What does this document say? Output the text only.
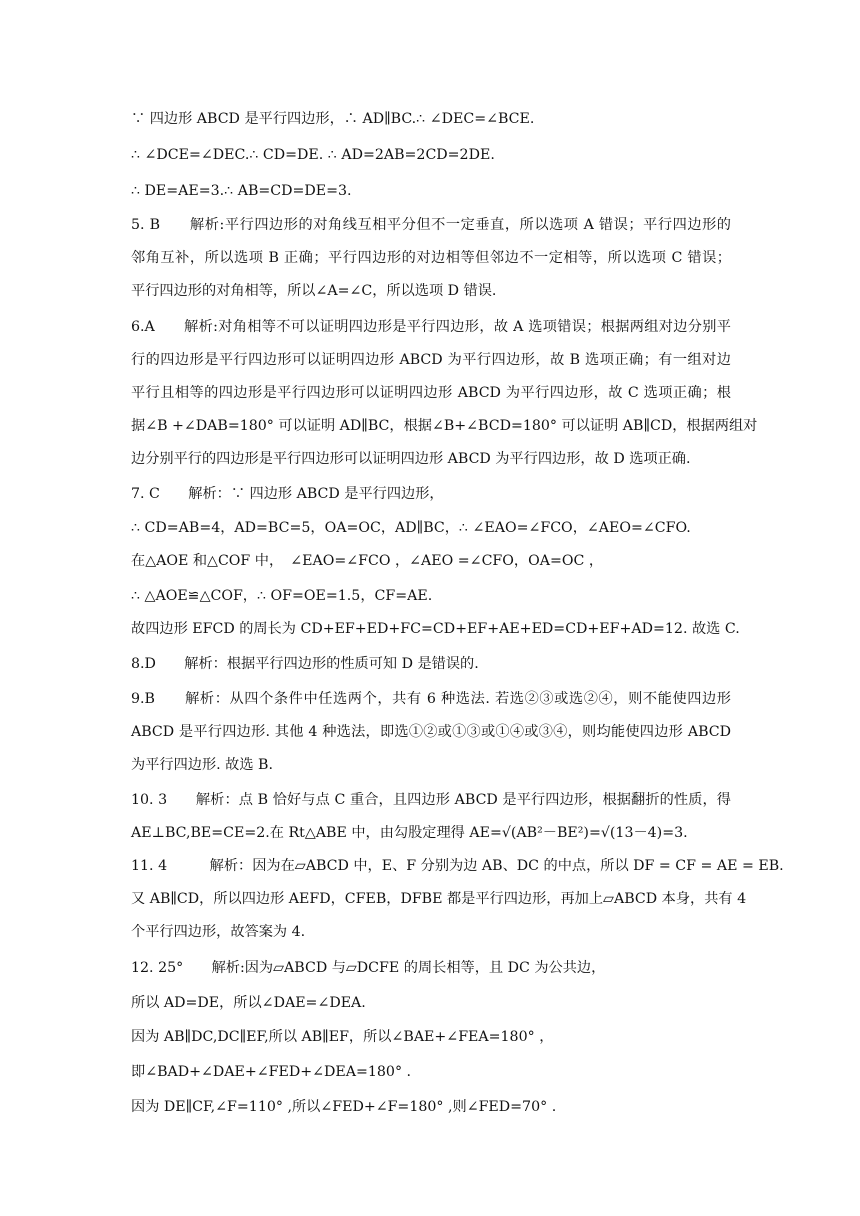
∵ 四边形 ABCD 是平行四边形，∴ AD∥BC.∴ ∠DEC=∠BCE.
∴ ∠DCE=∠DEC.∴ CD=DE. ∴ AD=2AB=2CD=2DE.
∴ DE=AE=3.∴ AB=CD=DE=3.
5. B　　解析:平行四边形的对角线互相平分但不一定垂直，所以选项 A 错误；平行四边形的
邻角互补，所以选项 B 正确；平行四边形的对边相等但邻边不一定相等，所以选项 C 错误；
平行四边形的对角相等，所以∠A=∠C，所以选项 D 错误.
6.A　　解析:对角相等不可以证明四边形是平行四边形，故 A 选项错误；根据两组对边分别平
行的四边形是平行四边形可以证明四边形 ABCD 为平行四边形，故 B 选项正确；有一组对边
平行且相等的四边形是平行四边形可以证明四边形 ABCD 为平行四边形，故 C 选项正确；根
据∠B +∠DAB=180° 可以证明 AD∥BC，根据∠B+∠BCD=180° 可以证明 AB∥CD，根据两组对
边分别平行的四边形是平行四边形可以证明四边形 ABCD 为平行四边形，故 D 选项正确.
7. C　　解析：∵ 四边形 ABCD 是平行四边形，
∴ CD=AB=4，AD=BC=5，OA=OC，AD∥BC，∴ ∠EAO=∠FCO，∠AEO=∠CFO.
在△AOE 和△COF 中，　∠EAO=∠FCO ，∠AEO =∠CFO，OA=OC ，
∴ △AOE≌△COF，∴ OF=OE=1.5，CF=AE.
故四边形 EFCD 的周长为 CD+EF+ED+FC=CD+EF+AE+ED=CD+EF+AD=12. 故选 C.
8.D　　解析：根据平行四边形的性质可知 D 是错误的.
9.B　　解析：从四个条件中任选两个，共有 6 种选法. 若选②③或选②④，则不能使四边形
ABCD 是平行四边形. 其他 4 种选法，即选①②或①③或①④或③④，则均能使四边形 ABCD
为平行四边形. 故选 B.
10. 3　　解析：点 B 恰好与点 C 重合，且四边形 ABCD 是平行四边形，根据翻折的性质，得
AE⊥BC,BE=CE=2.在 Rt△ABE 中，由勾股定理得 AE=√(AB²－BE²)=√(13－4)=3.
11. 4　　　解析：因为在▱ABCD 中，E、F 分别为边 AB、DC 的中点，所以 DF = CF = AE = EB.
又 AB∥CD，所以四边形 AEFD，CFEB，DFBE 都是平行四边形，再加上▱ABCD 本身，共有 4
个平行四边形，故答案为 4.
12. 25°　　解析:因为▱ABCD 与▱DCFE 的周长相等，且 DC 为公共边，
所以 AD=DE，所以∠DAE=∠DEA.
因为 AB∥DC,DC∥EF,所以 AB∥EF，所以∠BAE+∠FEA=180° ，
即∠BAD+∠DAE+∠FED+∠DEA=180° .
因为 DE∥CF,∠F=110° ,所以∠FED+∠F=180° ,则∠FED=70° .
